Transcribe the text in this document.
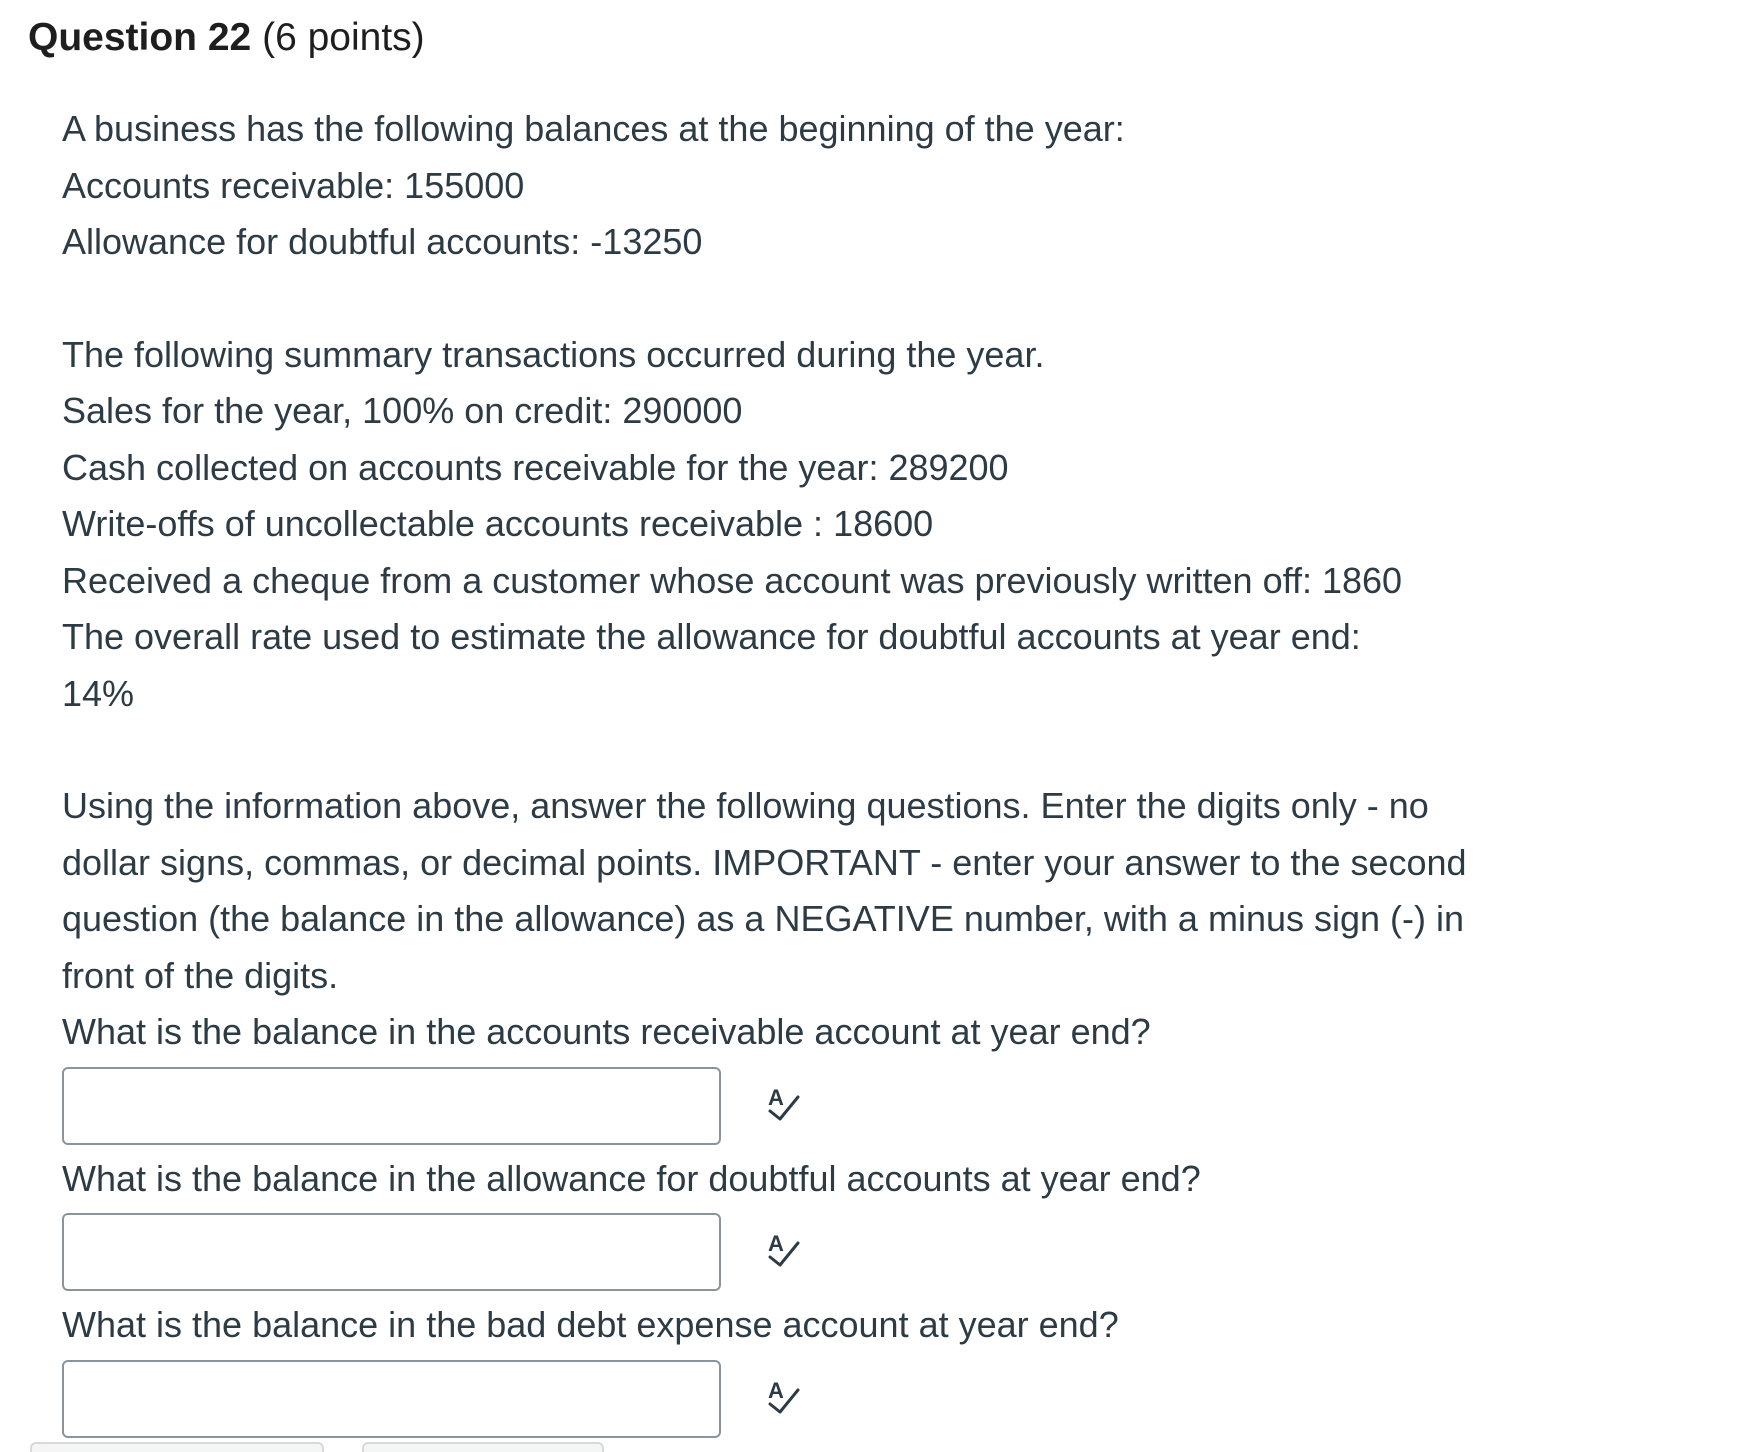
Question 22 (6 points)
A business has the following balances at the beginning of the year:
Accounts receivable: 155000
Allowance for doubtful accounts: -13250
The following summary transactions occurred during the year.
Sales for the year, 100% on credit: 290000
Cash collected on accounts receivable for the year: 289200
Write-offs of uncollectable accounts receivable : 18600
Received a cheque from a customer whose account was previously written off: 1860
The overall rate used to estimate the allowance for doubtful accounts at year end:
14%
Using the information above, answer the following questions. Enter the digits only - no dollar signs, commas, or decimal points. IMPORTANT - enter your answer to the second question (the balance in the allowance) as a NEGATIVE number, with a minus sign (-) in front of the digits.
What is the balance in the accounts receivable account at year end?
A
What is the balance in the allowance for doubtful accounts at year end?
A
What is the balance in the bad debt expense account at year end?
A
